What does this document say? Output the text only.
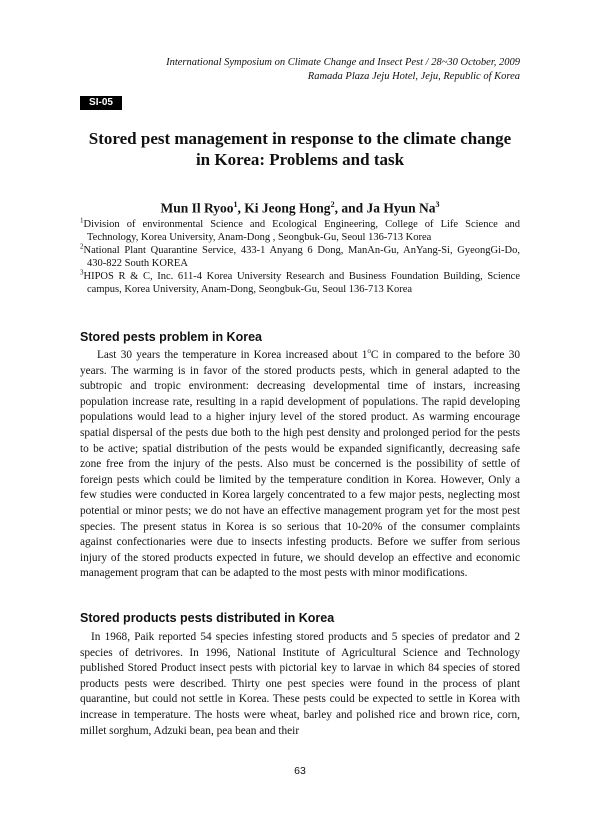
International Symposium on Climate Change and Insect Pest / 28~30 October, 2009
Ramada Plaza Jeju Hotel, Jeju, Republic of Korea
SI-05
Stored pest management in response to the climate change in Korea: Problems and task
Mun Il Ryoo$^1$, Ki Jeong Hong$^2$, and Ja Hyun Na$^3$

$^1$Division of environmental Science and Ecological Engineering, College of Life Science and Technology, Korea University, Anam-Dong , Seongbuk-Gu, Seoul 136-713 Korea

$^2$National Plant Quarantine Service, 433-1 Anyang 6 Dong, ManAn-Gu, AnYang-Si, GyeongGi-Do, 430-822 South KOREA

$^3$HIPOS R & C, Inc. 611-4 Korea University Research and Business Foundation Building, Science campus, Korea University, Anam-Dong, Seongbuk-Gu, Seoul 136-713 Korea

Stored pests problem in Korea

Last 30 years the temperature in Korea increased about 1$^o$C in compared to the before 30 years. The warming is in favor of the stored products pests, which in general adapted to the subtropic and tropic environment: decreasing developmental time of instars, increasing population increase rate, resulting in a rapid development of populations. The rapid developing populations would lead to a higher injury level of the stored product. As warming encourage spatial dispersal of the pests due both to the high pest density and prolonged period for the pests to be active; spatial distribution of the pests would be expanded significantly, decreasing safe zone free from the injury of the pests. Also must be concerned is the possibility of settle of foreign pests which could be limited by the temperature condition in Korea. However, Only a few studies were conducted in Korea largely concentrated to a few major pests, neglecting most potential or minor pests; we do not have an effective management program yet for the most pest species. The present status in Korea is so serious that 10-20% of the consumer complaints against confectionaries were due to insects infesting products. Before we suffer from serious injury of the stored products expected in future, we should develop an effective and economic management program that can be adapted to the most pests with minor modifications.

Stored products pests distributed in Korea

In 1968, Paik reported 54 species infesting stored products and 5 species of predator and 2 species of detrivores. In 1996, National Institute of Agricultural Science and Technology published Stored Product insect pests with pictorial key to larvae in which 84 species of stored products pests were described. Thirty one pest species were found in the process of plant quarantine, but could not settle in Korea. These pests could be expected to settle in Korea with increase in temperature. The hosts were wheat, barley and polished rice and brown rice, corn, millet sorghum, Adzuki bean, pea bean and their

63
